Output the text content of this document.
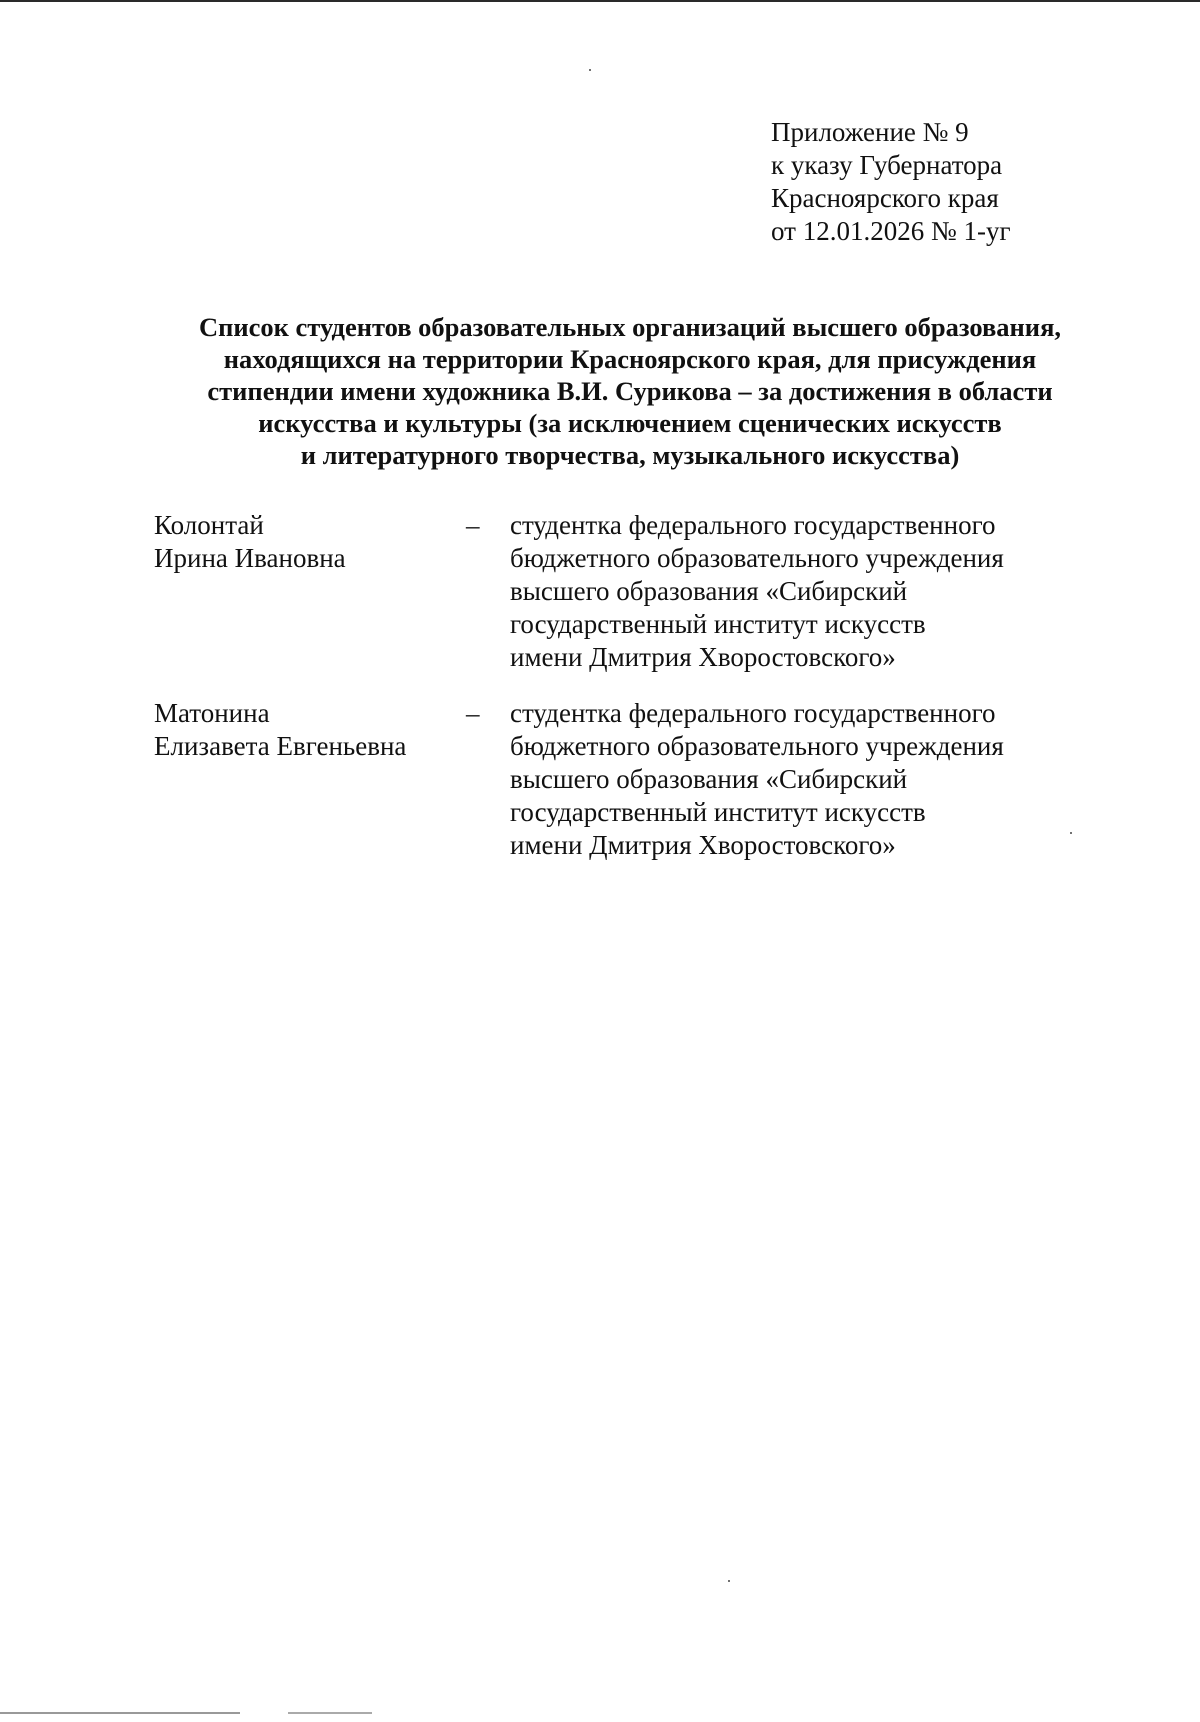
Приложение № 9
к указу Губернатора
Красноярского края
от 12.01.2026 № 1-уг
Список студентов образовательных организаций высшего образования,
находящихся на территории Красноярского края, для присуждения
стипендии имени художника В.И. Сурикова – за достижения в области
искусства и культуры (за исключением сценических искусств
и литературного творчества, музыкального искусства)
Колонтай
Ирина Ивановна
– студентка федерального государственного
бюджетного образовательного учреждения
высшего образования «Сибирский
государственный институт искусств
имени Дмитрия Хворостовского»
Матонина
Елизавета Евгеньевна
– студентка федерального государственного
бюджетного образовательного учреждения
высшего образования «Сибирский
государственный институт искусств
имени Дмитрия Хворостовского»
